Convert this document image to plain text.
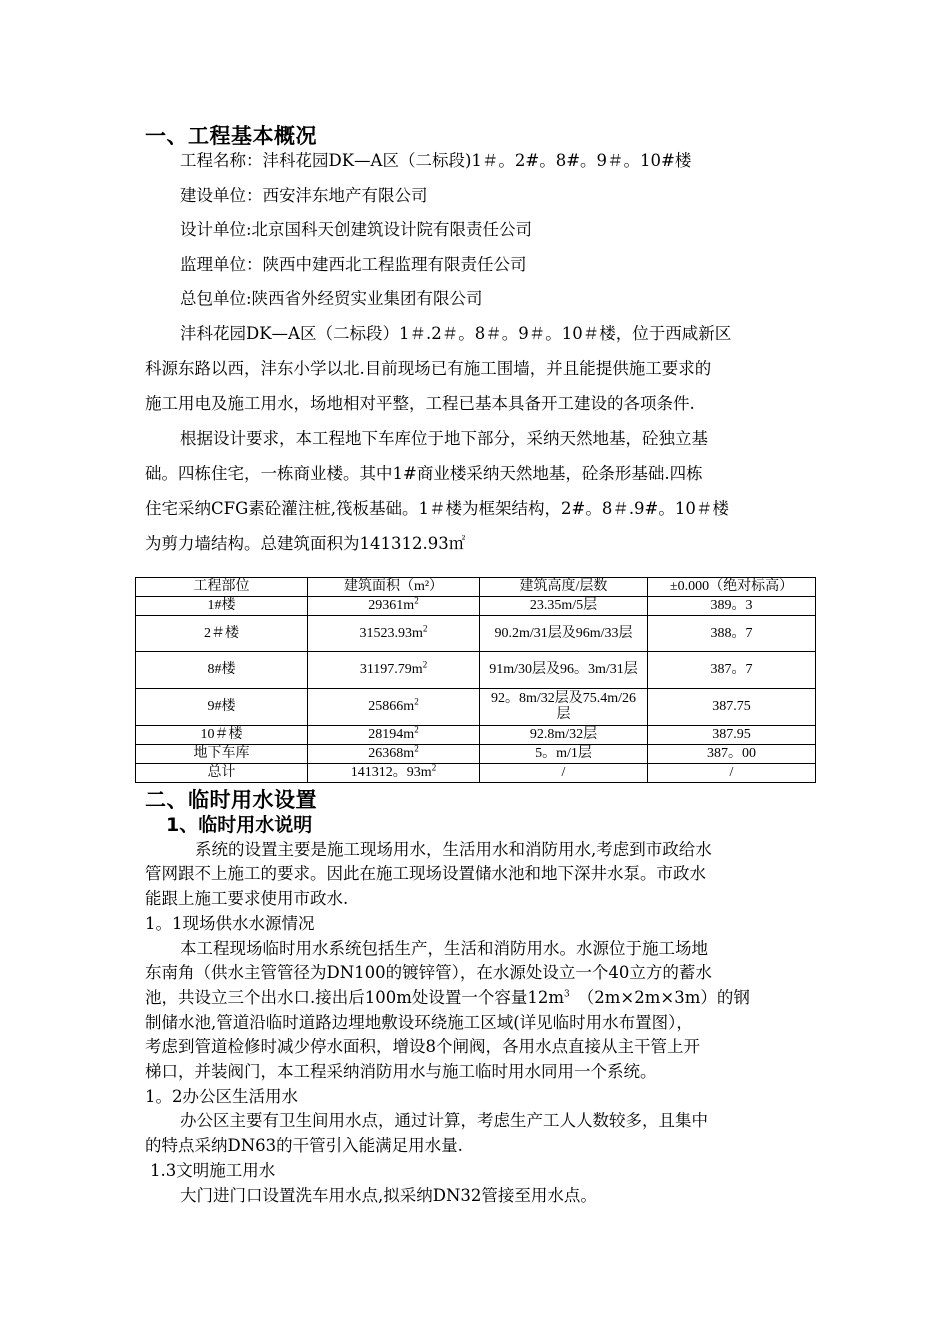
一、工程基本概况
工程名称：沣科花园DK—A区（二标段)1＃。2#。8#。9＃。10#楼
建设单位：西安沣东地产有限公司
设计单位:北京国科天创建筑设计院有限责任公司
监理单位：陕西中建西北工程监理有限责任公司
总包单位:陕西省外经贸实业集团有限公司
沣科花园DK—A区（二标段）1＃.2＃。8＃。9＃。10＃楼，位于西咸新区
科源东路以西，沣东小学以北.目前现场已有施工围墙，并且能提供施工要求的
施工用电及施工用水，场地相对平整，工程已基本具备开工建设的各项条件.
根据设计要求，本工程地下车库位于地下部分，采纳天然地基，砼独立基
础。四栋住宅，一栋商业楼。其中1#商业楼采纳天然地基，砼条形基础.四栋
住宅采纳CFG素砼灌注桩,筏板基础。1＃楼为框架结构，2#。8＃.9#。10＃楼
为剪力墙结构。总建筑面积为141312.93㎡
工程部位	建筑面积（m²）	建筑高度/层数	±0.000（绝对标高）
1#楼	$29361m^2$	23.35m/5层	389。3
2＃楼	$31523.93m^2$	90.2m/31层及96m/33层	388。7
8#楼	$31197.79m^2$	91m/30层及96。3m/31层	387。7
9#楼	$25866m^2$	92。8m/32层及75.4m/26层	387.75
10＃楼	$28194m^2$	92.8m/32层	387.95
地下车库	$26368m^2$	5。m/1层	387。00
总计	141312。$93m^2$	/	/
二、临时用水设置
1、临时用水说明
系统的设置主要是施工现场用水，生活用水和消防用水,考虑到市政给水
管网跟不上施工的要求。因此在施工现场设置储水池和地下深井水泵。市政水
能跟上施工要求使用市政水.
1。1现场供水水源情况
本工程现场临时用水系统包括生产，生活和消防用水。水源位于施工场地
东南角（供水主管管径为DN100的镀锌管），在水源处设立一个40立方的蓄水
池，共设立三个出水口.接出后100m处设置一个容量$12m^3$ （2m×2m×3m）的钢
制储水池,管道沿临时道路边埋地敷设环绕施工区域(详见临时用水布置图），
考虑到管道检修时减少停水面积，增设8个闸阀，各用水点直接从主干管上开
梯口，并装阀门，本工程采纳消防用水与施工临时用水同用一个系统。
1。2办公区生活用水
办公区主要有卫生间用水点，通过计算，考虑生产工人人数较多，且集中
的特点采纳DN63的干管引入能满足用水量.
1.3文明施工用水
大门进门口设置洗车用水点,拟采纳DN32管接至用水点。
